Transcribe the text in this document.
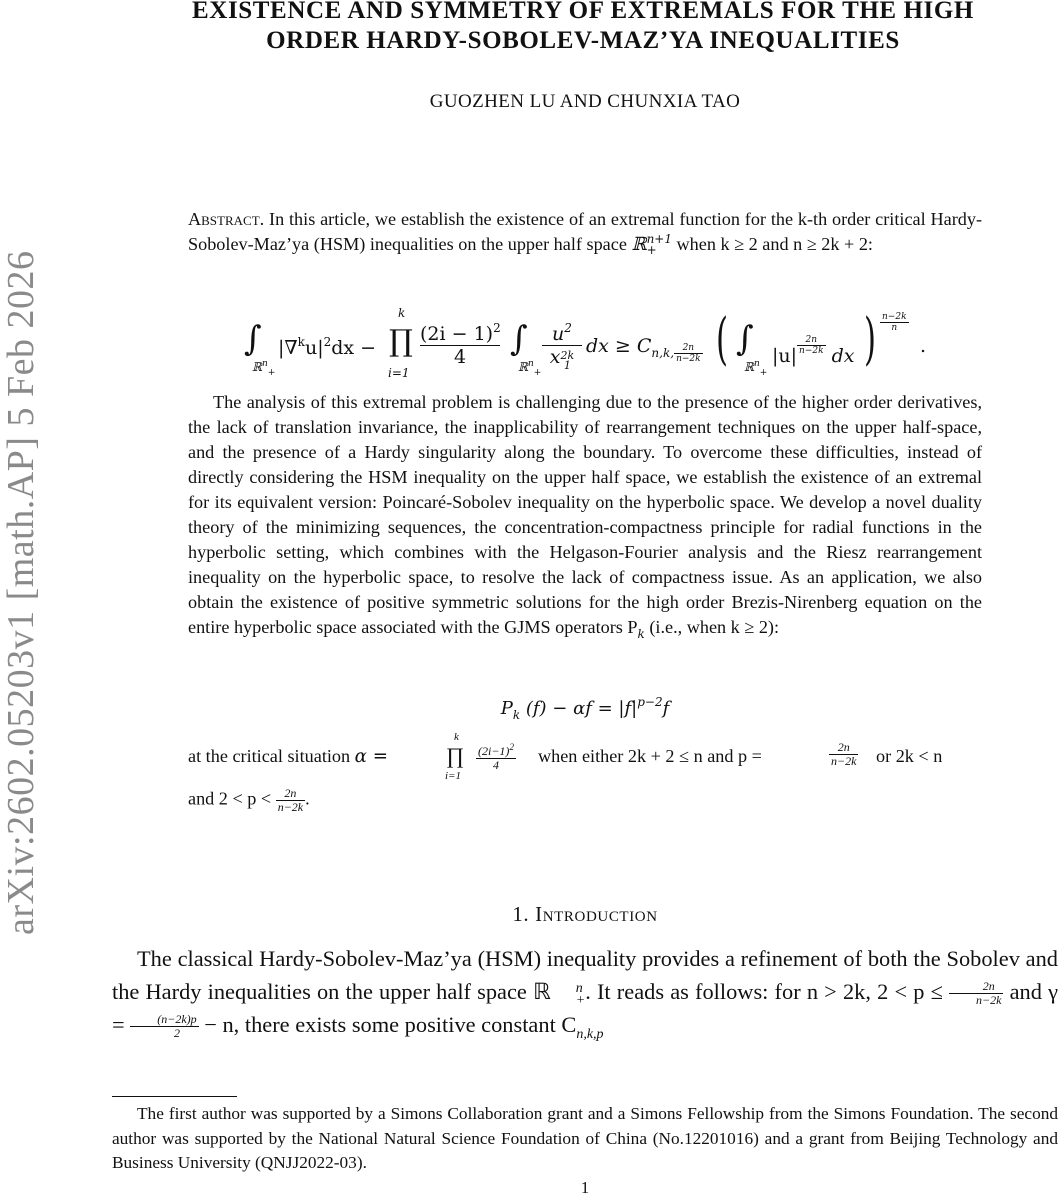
EXISTENCE AND SYMMETRY OF EXTREMALS FOR THE HIGH
ORDER HARDY-SOBOLEV-MAZ’YA INEQUALITIES
GUOZHEN LU AND CHUNXIA TAO
arXiv:2602.05203v1 [math.AP] 5 Feb 2026

Abstract. In this article, we establish the existence of an extremal function for the k-th order critical Hardy-Sobolev-Maz’ya (HSM) inequalities on the upper half space ℝ n+1
+ when k ≥ 2 and n ≥ 2k + 2:

∫
ℝ$^n_+$
$|\nabla^ku|^2dx$ − ∏
k
i=1
$(2i - 1)^2$
4	∫
ℝ$^n_+$
$u^2$
x 2k
1
dx ≥ $C_{n,k,} \frac{2n}{n-2k}$ ( ∫
ℝ$^n_+$
$|u| \frac{2n}{n-2k}$ dx ) $\frac{n-2k}{n}$
.

The analysis of this extremal problem is challenging due to the presence of the higher order derivatives, the lack of translation invariance, the inapplicability of rearrangement techniques on the upper half-space, and the presence of a Hardy singularity along the boundary. To overcome these difficulties, instead of directly considering the HSM inequality on the upper half space, we establish the existence of an extremal for its equivalent version: Poincaré-Sobolev inequality on the hyperbolic space. We develop a novel duality theory of the minimizing sequences, the concentration-compactness principle for radial functions in the hyperbolic setting, which combines with the Helgason-Fourier analysis and the Riesz rearrangement inequality on the hyperbolic space, to resolve the lack of compactness issue. As an application, we also obtain the existence of positive symmetric solutions for the high order Brezis-Nirenberg equation on the entire hyperbolic space associated with the GJMS operators $P_k$ (i.e., when k ≥ 2):

$P_k$ $(f) - \alpha f = |f|^{p-2}f$
at the critical situation α =	∏
k
i=1
$\frac{(2i-1)^2}{4}$ when either 2k + 2 ≤ n and p =	$\frac{2n}{n-2k}$ or 2k < n
and $2 < p < \frac{2n}{n-2k}$ .
1. Introduction

The classical Hardy-Sobolev-Maz’ya (HSM) inequality provides a refinement of both the Sobolev and the Hardy inequalities on the upper half space ℝ	n
+ . It reads as follows: for n > 2k, $2 < p \le \frac{2n}{n-2k}$ and $\gamma = \frac{(n-2k)p}{2} - n$, there exists some positive constant $C_{n,k,p}$

The first author was supported by a Simons Collaboration grant and a Simons Fellowship from the Simons Foundation. The second author was supported by the National Natural Science Foundation of China (No.12201016) and a grant from Beijing Technology and Business University (QNJJ2022-03).

1
